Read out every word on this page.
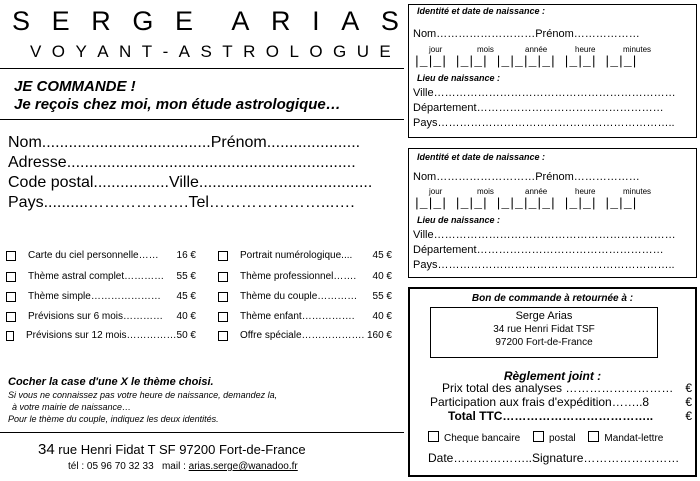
S E R G E A R I A S
V O Y A N T - A S T R O L O G U E
JE COMMANDE !
Je reçois chez moi, mon étude astrologique…
Nom......................................Prénom.....................
Adresse.................................................................
Code postal.................Ville.......................................
Pays..........……………….Tel…………………...….
Carte du ciel personnelle …… 16 €
Thème astral complet ………… 55 €
Thème simple ………………… 45 €
Prévisions sur 6 mois ………… 40 €
Prévisions sur 12 mois …………… 50 €
Portrait numérologique .... 45 €
Thème professionnel ……. 40 €
Thème du couple ………… 55 €
Thème enfant ……………. 40 €
Offre spéciale ………………. 160 €
Cocher la case d'une X le thème choisi.
Si vous ne connaissez pas votre heure de naissance, demandez la,
à votre mairie de naissance…
Pour le thème du couple, indiquez les deux identités.
34 rue Henri Fidat T SF 97200 Fort-de-France
tél : 05 96 70 32 33   mail : arias.serge@wanadoo.fr
Identité et date de naissance :
Nom………………………Prénom………………
jour	mois	année	heure	minutes
|_|_| |_|_| |_|_|_|_| |_|_| |_|_|
Lieu de naissance :
Ville…………………………………………………………
Département……………………………………………
Pays………………………………………………………..
Identité et date de naissance :
Nom………………………Prénom………………
jour	mois	année	heure	minutes
|_|_| |_|_| |_|_|_|_| |_|_| |_|_|
Lieu de naissance :
Ville…………………………………………………………
Département……………………………………………
Pays………………………………………………………..
Bon de commande à retournée à :
Serge Arias
34 rue Henri Fidat TSF
97200 Fort-de-France
Règlement joint :
Prix total des analyses ……………………… €
Participation aux frais d'expédition……..8	€
Total TTC………………………………..	€
Cheque bancaire	postal	Mandat-lettre
Date………………..Signature……………………
